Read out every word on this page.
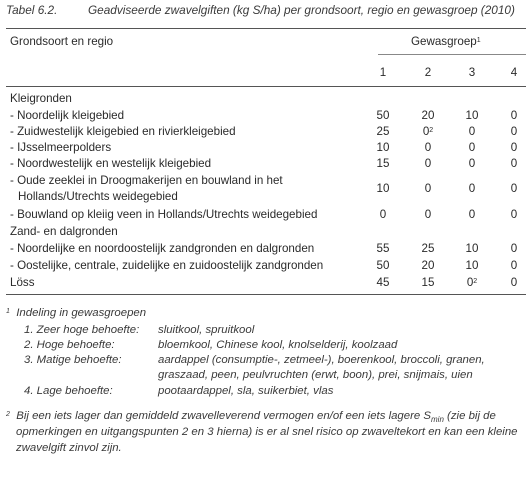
Tabel 6.2.	Geadviseerde zwavelgiften (kg S/ha) per grondsoort, regio en gewasgroep (2010)
Grondsoort en regio	Gewasgroep$^1$
1	2	3	4
Kleigronden
- Noordelijk kleigebied	50	20	10	0
- Zuidwestelijk kleigebied en rivierkleigebied	25	$0^2$	0	0
- IJsselmeerpolders	10	0	0	0
- Noordwestelijk en westelijk kleigebied	15	0	0	0
- Oude zeeklei in Droogmakerijen en bouwland in het
Hollands/Utrechts weidegebied
10	0	0	0
- Bouwland op kleiig veen in Hollands/Utrechts weidegebied	0	0	0	0
Zand- en dalgronden
- Noordelijke en noordoostelijk zandgronden en dalgronden	55	25	10	0
- Oostelijke, centrale, zuidelijke en zuidoostelijk zandgronden	50	20	10	0
Löss	45	15	$0^2$	0
$^1$ Indeling in gewasgroepen
1. Zeer hoge behoefte: sluitkool, spruitkool
2. Hoge behoefte:	bloemkool, Chinese kool, knolselderij, koolzaad
3. Matige behoefte:	aardappel (consumptie-, zetmeel-), boerenkool, broccoli, granen,
graszaad, peen, peulvruchten (erwt, boon), prei, snijmais, uien
4. Lage behoefte:	pootaardappel, sla, suikerbiet, vlas
$^2$ Bij een iets lager dan gemiddeld zwavelleverend vermogen en/of een iets lagere $S_{min}$ (zie bij de
opmerkingen en uitgangspunten 2 en 3 hierna) is er al snel risico op zwaveltekort en kan een kleine
zwavelgift zinvol zijn.
